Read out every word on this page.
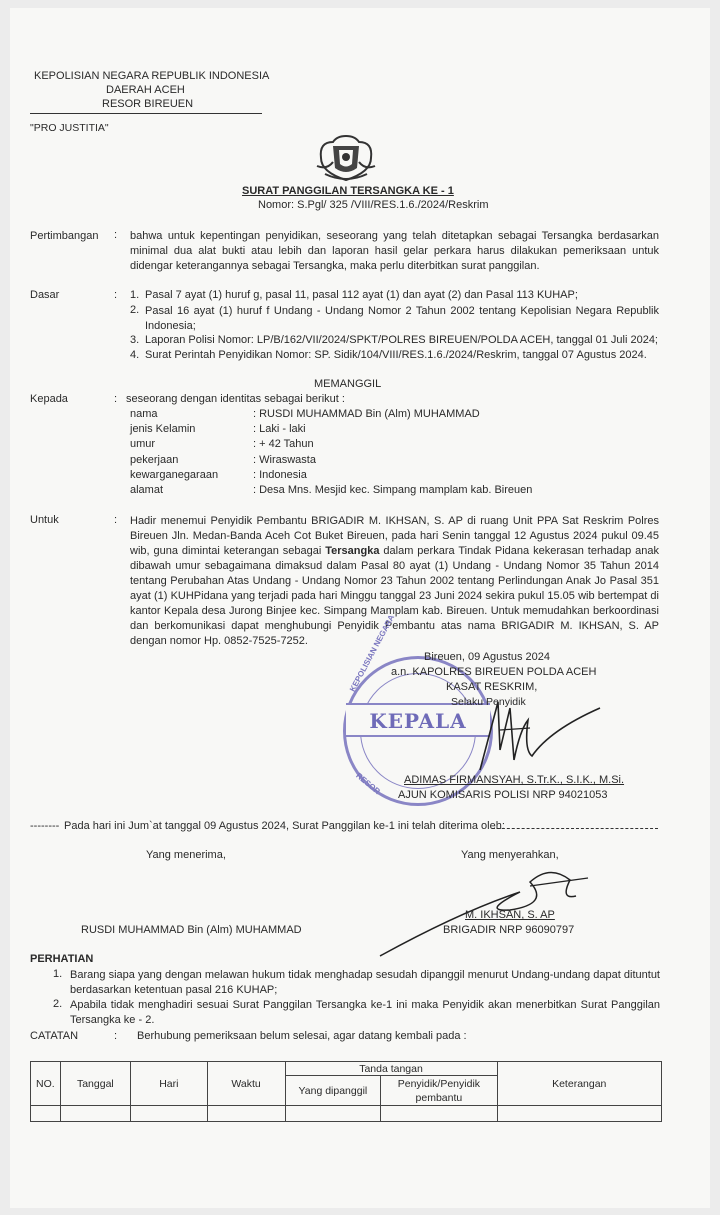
KEPOLISIAN NEGARA REPUBLIK INDONESIA
DAERAH ACEH
RESOR BIREUEN
"PRO JUSTITIA"
SURAT PANGGILAN TERSANGKA KE - 1
Nomor: S.Pgl/ 325 /VIII/RES.1.6./2024/Reskrim
Pertimbangan : bahwa untuk kepentingan penyidikan, seseorang yang telah ditetapkan sebagai Tersangka berdasarkan minimal dua alat bukti atau lebih dan laporan hasil gelar perkara harus dilakukan pemeriksaan untuk didengar keterangannya sebagai Tersangka, maka perlu diterbitkan surat panggilan.
Dasar	: 1. Pasal 7 ayat (1) huruf g, pasal 11, pasal 112 ayat (1) dan ayat (2) dan Pasal 113 KUHAP;
2. Pasal 16 ayat (1) huruf f Undang - Undang Nomor 2 Tahun 2002 tentang Kepolisian Negara Republik Indonesia;
3. Laporan Polisi Nomor: LP/B/162/VII/2024/SPKT/POLRES BIREUEN/POLDA ACEH, tanggal 01 Juli 2024;
4. Surat Perintah Penyidikan Nomor: SP. Sidik/104/VIII/RES.1.6./2024/Reskrim, tanggal 07 Agustus 2024.
MEMANGGIL
Kepada	: seseorang dengan identitas sebagai berikut :
nama	: RUSDI MUHAMMAD Bin (Alm) MUHAMMAD
jenis Kelamin	: Laki - laki
umur	: + 42 Tahun
pekerjaan	: Wiraswasta
kewarganegaraan	: Indonesia
alamat	: Desa Mns. Mesjid kec. Simpang mamplam kab. Bireuen
Untuk	: Hadir menemui Penyidik Pembantu BRIGADIR M. IKHSAN, S. AP di ruang Unit PPA Sat Reskrim Polres Bireuen Jln. Medan-Banda Aceh Cot Buket Bireuen, pada hari Senin tanggal 12 Agustus 2024 pukul 09.45 wib, guna dimintai keterangan sebagai Tersangka dalam perkara Tindak Pidana kekerasan terhadap anak dibawah umur sebagaimana dimaksud dalam Pasal 80 ayat (1) Undang - Undang Nomor 35 Tahun 2014 tentang Perubahan Atas Undang - Undang Nomor 23 Tahun 2002 tentang Perlindungan Anak Jo Pasal 351 ayat (1) KUHPidana yang terjadi pada hari Minggu tanggal 23 Juni 2024 sekira pukul 15.05 wib bertempat di kantor Kepala desa Jurong Binjee kec. Simpang Mamplam kab. Bireuen. Untuk memudahkan berkoordinasi dan berkomunikasi dapat menghubungi Penyidik Pembantu atas nama BRIGADIR M. IKHSAN, S. AP dengan nomor Hp. 0852-7525-7252.
KEPALA
KEPOLISIAN NEGARA
RESOR
Bireuen, 09 Agustus 2024
a.n. KAPOLRES BIREUEN POLDA ACEH
KASAT RESKRIM,
Selaku Penyidik
ADIMAS FIRMANSYAH, S.Tr.K., S.I.K., M.Si.
AJUN KOMISARIS POLISI NRP 94021053
-------- Pada hari ini Jum`at tanggal 09 Agustus 2024, Surat Panggilan ke-1 ini telah diterima oleh:
Yang menerima,	Yang menyerahkan,
RUSDI MUHAMMAD Bin (Alm) MUHAMMAD
M. IKHSAN, S. AP
BRIGADIR NRP 96090797
PERHATIAN
1. Barang siapa yang dengan melawan hukum tidak menghadap sesudah dipanggil menurut Undang-undang dapat dituntut berdasarkan ketentuan pasal 216 KUHAP;
2. Apabila tidak menghadiri sesuai Surat Panggilan Tersangka ke-1 ini maka Penyidik akan menerbitkan Surat Panggilan Tersangka ke - 2.
CATATAN	: Berhubung pemeriksaan belum selesai, agar datang kembali pada :
NO.	Tanggal	Hari	Waktu	Tanda tangan		Keterangan
				Yang dipanggil	Penyidik/Penyidik pembantu	
